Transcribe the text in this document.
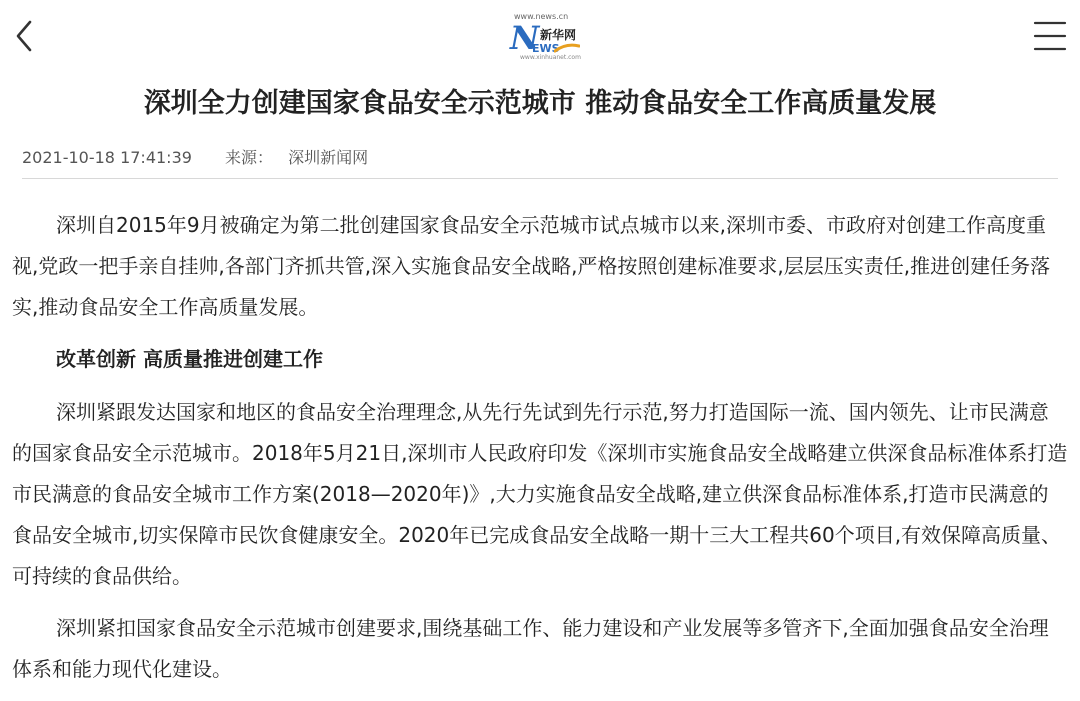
www.news.cn
N 新华网
EWS
www.xinhuanet.com
深圳全力创建国家食品安全示范城市 推动食品安全工作高质量发展
2021-10-18 17:41:39 来源： 深圳新闻网

深圳自2015年9月被确定为第二批创建国家食品安全示范城市试点城市以来,深圳市委、市政府对创建工作高度重视,党政一把手亲自挂帅,各部门齐抓共管,深入实施食品安全战略,严格按照创建标准要求,层层压实责任,推进创建任务落实,推动食品安全工作高质量发展。

改革创新 高质量推进创建工作

深圳紧跟发达国家和地区的食品安全治理理念,从先行先试到先行示范,努力打造国际一流、国内领先、让市民满意的国家食品安全示范城市。2018年5月21日,深圳市人民政府印发《深圳市实施食品安全战略建立供深食品标准体系打造市民满意的食品安全城市工作方案(2018—2020年)》,大力实施食品安全战略,建立供深食品标准体系,打造市民满意的食品安全城市,切实保障市民饮食健康安全。2020年已完成食品安全战略一期十三大工程共60个项目,有效保障高质量、可持续的食品供给。

深圳紧扣国家食品安全示范城市创建要求,围绕基础工作、能力建设和产业发展等多管齐下,全面加强食品安全治理体系和能力现代化建设。
